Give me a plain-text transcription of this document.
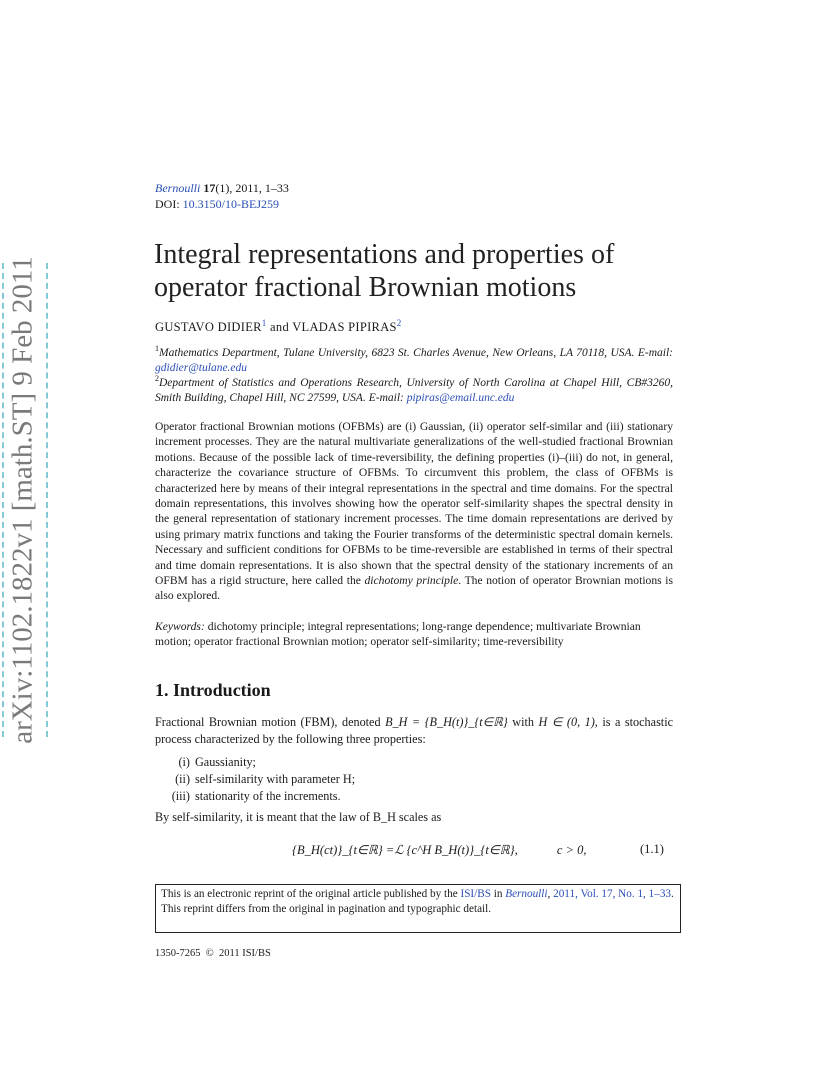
arXiv:1102.1822v1 [math.ST] 9 Feb 2011
Bernoulli 17(1), 2011, 1–33
DOI: 10.3150/10-BEJ259
Integral representations and properties of
operator fractional Brownian motions
GUSTAVO DIDIER$^1$ and VLADAS PIPIRAS$^2$
$^1$Mathematics Department, Tulane University, 6823 St. Charles Avenue, New Orleans, LA 70118, USA. E-mail: gdidier@tulane.edu
$^2$Department of Statistics and Operations Research, University of North Carolina at Chapel Hill, CB#3260, Smith Building, Chapel Hill, NC 27599, USA. E-mail: pipiras@email.unc.edu
Operator fractional Brownian motions (OFBMs) are (i) Gaussian, (ii) operator self-similar and (iii) stationary increment processes. They are the natural multivariate generalizations of the well-studied fractional Brownian motions. Because of the possible lack of time-reversibility, the defining properties (i)–(iii) do not, in general, characterize the covariance structure of OFBMs. To circumvent this problem, the class of OFBMs is characterized here by means of their integral representations in the spectral and time domains. For the spectral domain representations, this involves showing how the operator self-similarity shapes the spectral density in the general representation of stationary increment processes. The time domain representations are derived by using primary matrix functions and taking the Fourier transforms of the deterministic spectral domain kernels. Necessary and sufficient conditions for OFBMs to be time-reversible are established in terms of their spectral and time domain representations. It is also shown that the spectral density of the stationary increments of an OFBM has a rigid structure, here called the dichotomy principle. The notion of operator Brownian motions is also explored.
Keywords: dichotomy principle; integral representations; long-range dependence; multivariate Brownian motion; operator fractional Brownian motion; operator self-similarity; time-reversibility
1. Introduction
Fractional Brownian motion (FBM), denoted B_H = {B_H(t)}_{t∈ℝ} with H ∈ (0, 1), is a stochastic process characterized by the following three properties:
(i) Gaussianity;
(ii) self-similarity with parameter H;
(iii) stationarity of the increments.
By self-similarity, it is meant that the law of B_H scales as
{B_H(ct)}_{t∈ℝ} =ℒ {c^H B_H(t)}_{t∈ℝ},	c > 0,	(1.1)
This is an electronic reprint of the original article published by the ISI/BS in Bernoulli, 2011, Vol. 17, No. 1, 1–33. This reprint differs from the original in pagination and typographic detail.
1350-7265 © 2011 ISI/BS
